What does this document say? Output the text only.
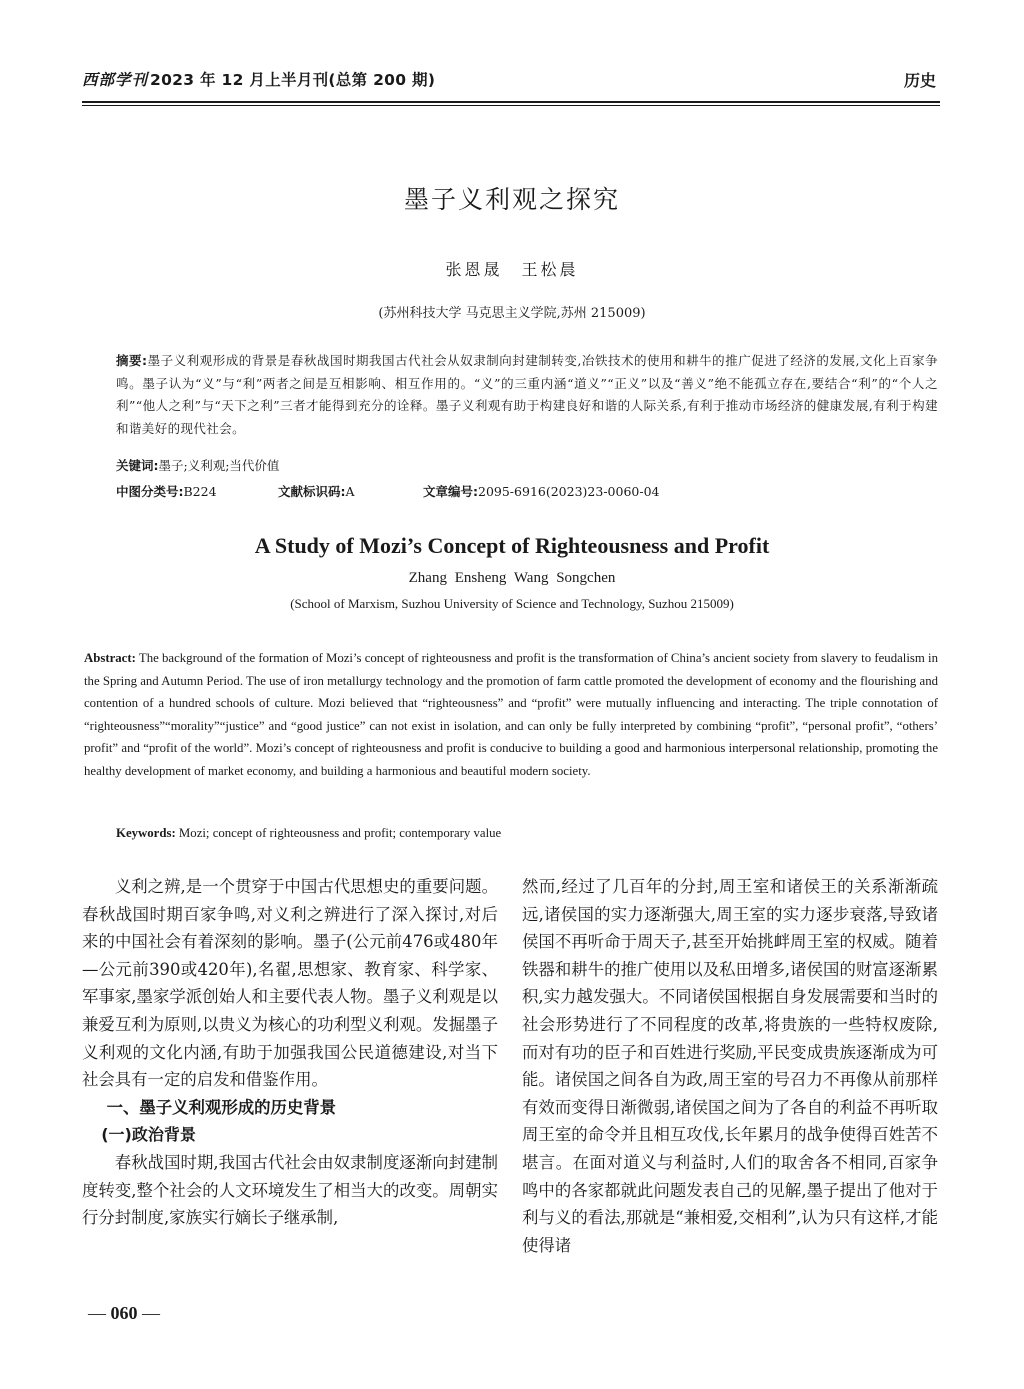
西部学刊 2023 年 12 月上半月刊(总第 200 期)	历史
墨子义利观之探究
张恩晟　王松晨
(苏州科技大学 马克思主义学院,苏州 215009)
摘要:墨子义利观形成的背景是春秋战国时期我国古代社会从奴隶制向封建制转变,冶铁技术的使用和耕牛的推广促进了经济的发展,文化上百家争鸣。墨子认为“义”与“利”两者之间是互相影响、相互作用的。“义”的三重内涵“道义”“正义”以及“善义”绝不能孤立存在,要结合“利”的“个人之利”“他人之利”与“天下之利”三者才能得到充分的诠释。墨子义利观有助于构建良好和谐的人际关系,有利于推动市场经济的健康发展,有利于构建和谐美好的现代社会。
关键词:墨子;义利观;当代价值
中图分类号:B224	文献标识码:A	文章编号:2095-6916(2023)23-0060-04
A Study of Mozi’s Concept of Righteousness and Profit
Zhang Ensheng Wang Songchen
(School of Marxism, Suzhou University of Science and Technology, Suzhou 215009)
Abstract: The background of the formation of Mozi’s concept of righteousness and profit is the transformation of China’s ancient society from slavery to feudalism in the Spring and Autumn Period. The use of iron metallurgy technology and the promotion of farm cattle promoted the development of economy and the flourishing and contention of a hundred schools of culture. Mozi believed that “righteousness” and “profit” were mutually influencing and interacting. The triple connotation of “righteousness”“morality”“justice” and “good justice” can not exist in isolation, and can only be fully interpreted by combining “profit”, “personal profit”, “others’ profit” and “profit of the world”. Mozi’s concept of righteousness and profit is conducive to building a good and harmonious interpersonal relationship, promoting the healthy development of market economy, and building a harmonious and beautiful modern society.
Keywords: Mozi; concept of righteousness and profit; contemporary value

义利之辨,是一个贯穿于中国古代思想史的重要问题。春秋战国时期百家争鸣,对义利之辨进行了深入探讨,对后来的中国社会有着深刻的影响。墨子(公元前476或480年—公元前390或420年),名翟,思想家、教育家、科学家、军事家,墨家学派创始人和主要代表人物。墨子义利观是以兼爱互利为原则,以贵义为核心的功利型义利观。发掘墨子义利观的文化内涵,有助于加强我国公民道德建设,对当下社会具有一定的启发和借鉴作用。

一、墨子义利观形成的历史背景
(一)政治背景

春秋战国时期,我国古代社会由奴隶制度逐渐向封建制度转变,整个社会的人文环境发生了相当大的改变。周朝实行分封制度,家族实行嫡长子继承制,

然而,经过了几百年的分封,周王室和诸侯王的关系渐渐疏远,诸侯国的实力逐渐强大,周王室的实力逐步衰落,导致诸侯国不再听命于周天子,甚至开始挑衅周王室的权威。随着铁器和耕牛的推广使用以及私田增多,诸侯国的财富逐渐累积,实力越发强大。不同诸侯国根据自身发展需要和当时的社会形势进行了不同程度的改革,将贵族的一些特权废除,而对有功的臣子和百姓进行奖励,平民变成贵族逐渐成为可能。诸侯国之间各自为政,周王室的号召力不再像从前那样有效而变得日渐微弱,诸侯国之间为了各自的利益不再听取周王室的命令并且相互攻伐,长年累月的战争使得百姓苦不堪言。在面对道义与利益时,人们的取舍各不相同,百家争鸣中的各家都就此问题发表自己的见解,墨子提出了他对于利与义的看法,那就是“兼相爱,交相利”,认为只有这样,才能使得诸

— 060 —
